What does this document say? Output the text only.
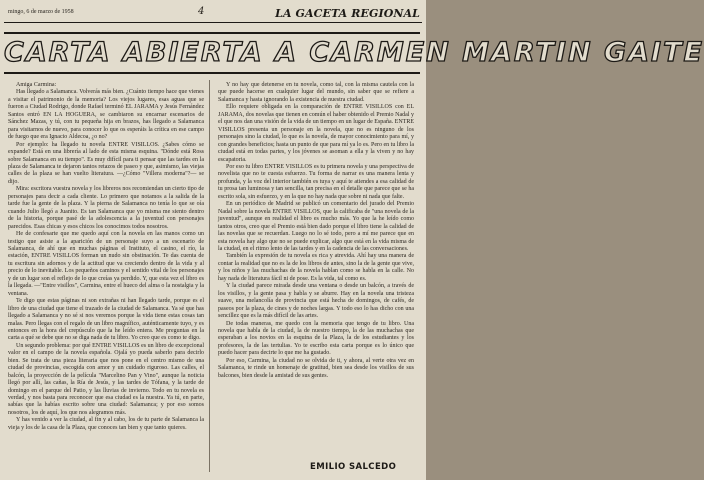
mingo, 6 de marzo de 1958	4	LA GACETA REGIONAL
CARTA ABIERTA A CARMEN MARTIN GAITE

Amiga Carmina:

Has llegado a Salamanca. Volverás más bien. ¿Cuánto tiempo hace que vienes a visitar el patrimonio de la memoria? Los viejos lugares, esas aguas que se fueron a Ciudad Rodrigo, donde Rafael terminó EL JARAMA y Jesús Fernández Santos entró EN LA HOGUERA, se cambiaron su encarnar escenarios de Sánchez Mazas, y tú, con tu pequeña hija en brazos, has llegado a Salamanca para visitarnos de nuevo, para conocer lo que os esperáis la crítica en ese campo de fuego que era Ignacio Aldecoa, ¿o no?

Por ejemplo: ha llegado tu novela ENTRE VISILLOS. ¿Sabes cómo se expande? Está en una librería al lado de esta misma esquina. "Dónde está Ross sobre Salamanca en su tiempo". Es muy difícil para ti pensar que las tardes en la plaza de Salamanca te dejaron tantos retazos de paseo y que, asimismo, las viejas calles de la plaza se han vuelto literatura. —¿Cómo "Villera moderna"?— se dijo.

Mira: escritora vuestra novela y los libreros nos recomiendan un cierto tipo de personajes para decir a cada cliente. Lo primero que notamos a la salida de la tarde fue la gente de la plaza. Y la pierna de Salamanca no tenía lo que se oía cuando Julio llegó a Juanito. Es tan Salamanca que yo misma me siento dentro de la historia, porque pasé de la adolescencia a la juventud con personajes parecidos. Esas chicas y esos chicos los conocimos todos nosotros.

He de confesarte que me quedo aquí con la novela en las manos como un testigo que asiste a la aparición de un personaje suyo a un escenario de Salamanca, de ahí que en muchas páginas el Instituto, el casino, el río, la estación, ENTRE VISILLOS forman un nudo sin obstinación. Te das cuenta de tu escritura sin adornos y de la actitud que va creciendo dentro de la vida y al precio de lo inevitable. Los pequeños caminos y el sentido vital de los personajes y de un lugar son el reflejo de lo que creías ya perdido. Y, que esta vez el libro es la llegada. —"Entre visillos", Carmina, entre el hueco del alma o la nostalgia y la ventana.

Te digo que estas páginas ni son extrañas ni han llegado tarde, porque es el libro de una ciudad que tiene el trazado de la ciudad de Salamanca. Ya sé que has llegado a Salamanca y no sé si nos veremos porque la vida tiene estas cosas tan malas. Pero llegas con el regalo de un libro magnífico, auténticamente tuyo, y es entonces en la hora del crepúsculo que la he leído entera. Me preguntas en la carta a qué se debe que no se diga nada de tu libro. Yo creo que es como te digo.

Un segundo problema: por qué ENTRE VISILLOS es un libro de excepcional valor en el campo de la novela española. Ojalá yo pueda saberlo para decirlo bien. Se trata de una pieza literaria que nos pone en el centro mismo de una ciudad de provincias, escogida con amor y un cuidado riguroso. Las calles, el balcón, la proyección de la película "Marcelino Pan y Vino", aunque la noticia llegó por allí, las cañas, la Ría de Jesús, y las tardes de Tófana, y la tarde de domingo en el parque del Patio, y las lluvias de invierno. Todo en tu novela es verdad, y nos basta para reconocer que esa ciudad es la nuestra. Ya tú, en parte, sabías que la habías escrito sobre una ciudad: Salamanca; y por eso somos nosotros, los de aquí, los que nos alegramos más.

Y has venido a ver la ciudad, al fin y al cabo, los de tu parte de Salamanca la vieja y los de la casa de la Plaza, que conoces tan bien y que tanto quieres.

Y no hay que detenerse en tu novela, como tal, con la misma cautela con la que puede hacerse en cualquier lugar del mundo, sin saber que se refiere a Salamanca y hasta ignorando la existencia de nuestra ciudad.

Ello requiere obligada en la comparación de ENTRE VISILLOS con EL JARAMA, dos novelas que tienen en común el haber obtenido el Premio Nadal y el que nos dan una visión de la vida de un tiempo en un lugar de España. ENTRE VISILLOS presenta un personaje en la novela, que no es ninguno de los personajes sino la ciudad, lo que es la novela, de mayor conocimiento para mí, y con grandes beneficios; hasta un punto de que para mí ya lo es. Pero en tu libro la ciudad está en todas partes, y los jóvenes se asoman a ella y la viven y no hay escapatoria.

Por eso tu libro ENTRE VISILLOS es tu primera novela y una perspectiva de novelista que no te cuesta esfuerzo. Tu forma de narrar es una manera lenta y profunda, y la voz del interior también es tuya y aquí te atiendes a esa calidad de tu prosa tan luminosa y tan sencilla, tan precisa en el detalle que parece que se ha escrito sola, sin esfuerzo, y en la que no hay nada que sobre ni nada que falte.

En un periódico de Madrid se publicó un comentario del jurado del Premio Nadal sobre la novela ENTRE VISILLOS, que la calificaba de "una novela de la juventud", aunque en realidad el libro es mucho más. Yo que la he leído como tantos otros, creo que el Premio está bien dado porque el libro tiene la calidad de las novelas que se recuerdan. Luego no lo sé todo, pero a mí me parece que en esta novela hay algo que no se puede explicar, algo que está en la vida misma de la ciudad, en el ritmo lento de las tardes y en la cadencia de las conversaciones.

También la expresión de tu novela es rica y atrevida. Ahí hay una manera de contar la realidad que no es la de los libros de antes, sino la de la gente que vive, y los niños y las muchachas de la novela hablan como se habla en la calle. No hay nada de literatura fácil ni de pose. Es la vida, tal como es.

Y la ciudad parece mirada desde una ventana o desde un balcón, a través de los visillos, y la gente pasa y habla y se aburre. Hay en la novela una tristeza suave, una melancolía de provincia que está hecha de domingos, de cafés, de paseos por la plaza, de cines y de noches largas. Y todo eso lo has dicho con una sencillez que es la más difícil de las artes.

De todas maneras, me quedo con la memoria que tengo de tu libro. Una novela que habla de la ciudad, la de nuestro tiempo, la de las muchachas que esperaban a los novios en la esquina de la Plaza, la de los estudiantes y los profesores, la de las tertulias. Yo te escribo esta carta porque es lo único que puedo hacer para decirte lo que me ha gustado.

Por eso, Carmina, la ciudad no se olvida de ti, y ahora, al verte otra vez en Salamanca, te rinde un homenaje de gratitud, bien sea desde los visillos de sus balcones, bien desde la amistad de sus gentes.

EMILIO SALCEDO
